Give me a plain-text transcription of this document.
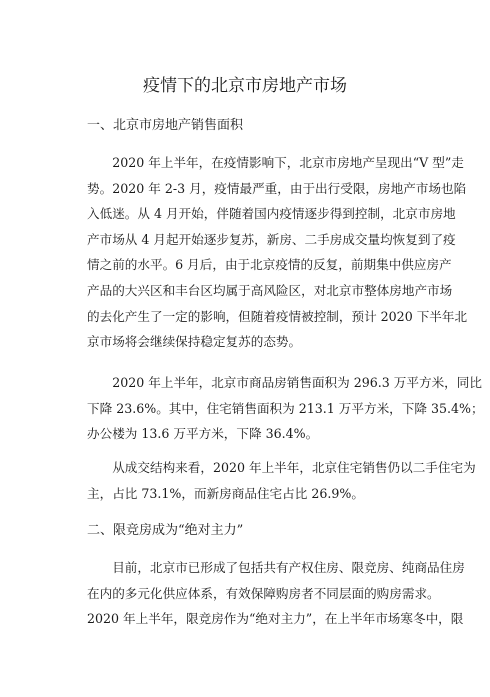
疫情下的北京市房地产市场
一、北京市房地产销售面积
2020 年上半年，在疫情影响下，北京市房地产呈现出“V 型”走
势。2020 年 2-3 月，疫情最严重，由于出行受限，房地产市场也陷
入低迷。从 4 月开始，伴随着国内疫情逐步得到控制，北京市房地
产市场从 4 月起开始逐步复苏，新房、二手房成交量均恢复到了疫
情之前的水平。6 月后，由于北京疫情的反复，前期集中供应房产
产品的大兴区和丰台区均属于高风险区，对北京市整体房地产市场
的去化产生了一定的影响，但随着疫情被控制，预计 2020 下半年北
京市场将会继续保持稳定复苏的态势。
2020 年上半年，北京市商品房销售面积为 296.3 万平方米，同比
下降 23.6%。其中，住宅销售面积为 213.1 万平方米，下降 35.4%；
办公楼为 13.6 万平方米，下降 36.4%。
从成交结构来看，2020 年上半年，北京住宅销售仍以二手住宅为
主，占比 73.1%，而新房商品住宅占比 26.9%。
二、限竞房成为“绝对主力”
目前，北京市已形成了包括共有产权住房、限竞房、纯商品住房
在内的多元化供应体系，有效保障购房者不同层面的购房需求。
2020 年上半年，限竞房作为“绝对主力”，在上半年市场寒冬中，限
